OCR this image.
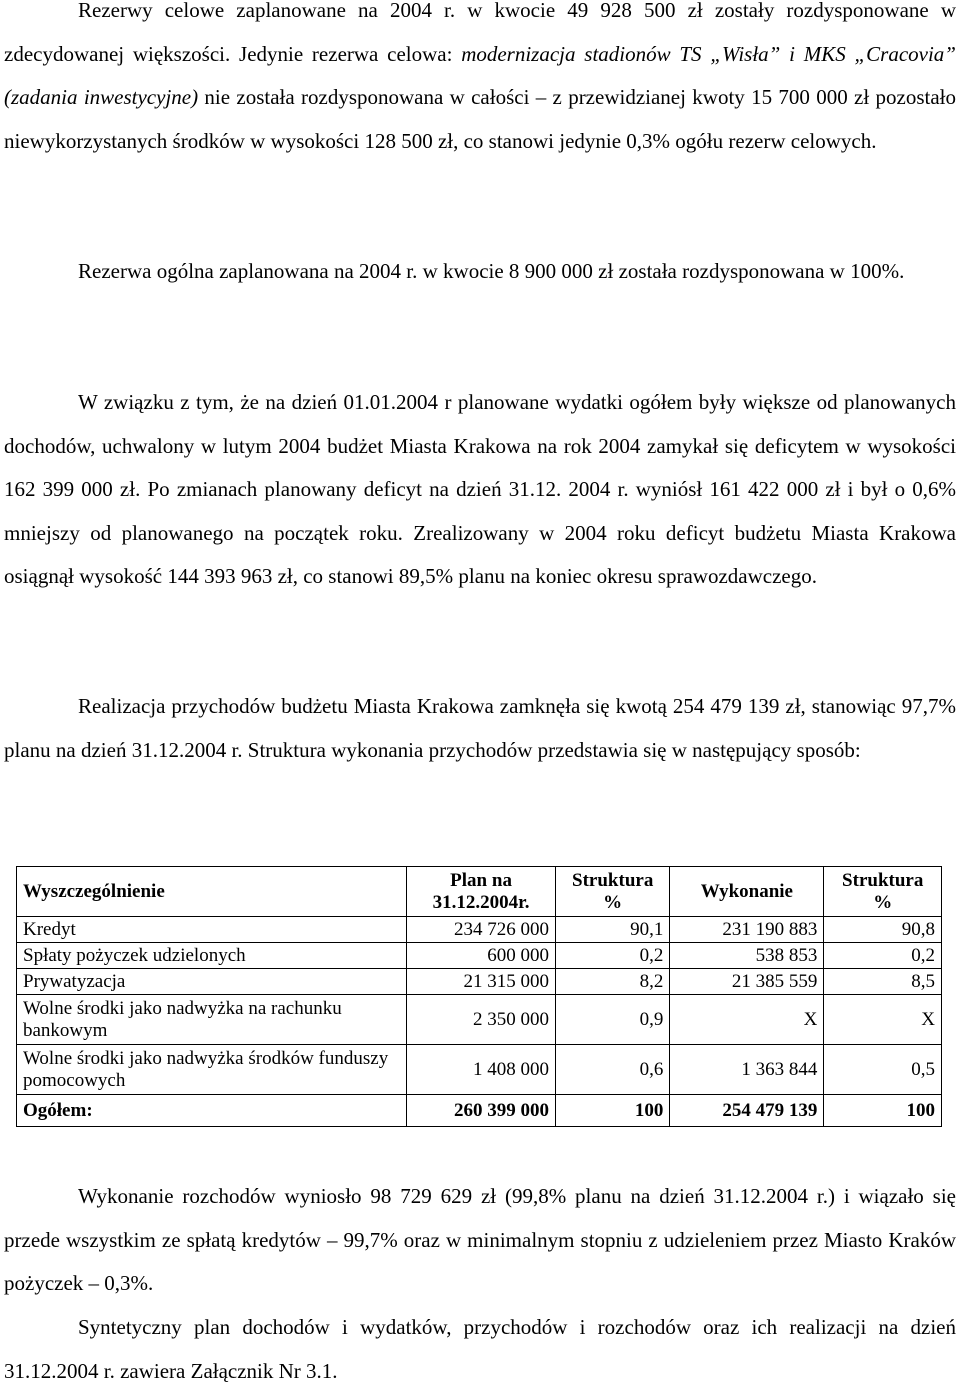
Rezerwy celowe zaplanowane na 2004 r. w kwocie 49 928 500 zł zostały rozdysponowane w zdecydowanej większości. Jedynie rezerwa celowa: modernizacja stadionów TS „Wisła” i MKS „Cracovia” (zadania inwestycyjne) nie została rozdysponowana w całości – z przewidzianej kwoty 15 700 000 zł pozostało niewykorzystanych środków w wysokości 128 500 zł, co stanowi jedynie 0,3% ogółu rezerw celowych.

Rezerwa ogólna zaplanowana na 2004 r. w kwocie 8 900 000 zł została rozdysponowana w 100%.

W związku z tym, że na dzień 01.01.2004 r planowane wydatki ogółem były większe od planowanych dochodów, uchwalony w lutym 2004 budżet Miasta Krakowa na rok 2004 zamykał się deficytem w wysokości 162 399 000 zł. Po zmianach planowany deficyt na dzień 31.12. 2004 r. wyniósł 161 422 000 zł i był o 0,6% mniejszy od planowanego na początek roku. Zrealizowany w 2004 roku deficyt budżetu Miasta Krakowa osiągnął wysokość 144 393 963 zł, co stanowi 89,5% planu na koniec okresu sprawozdawczego.

Realizacja przychodów budżetu Miasta Krakowa zamknęła się kwotą 254 479 139 zł, stanowiąc 97,7% planu na dzień 31.12.2004 r. Struktura wykonania przychodów przedstawia się w następujący sposób:

Wyszczególnienie	Plan na 31.12.2004r.	Struktura %	Wykonanie	Struktura %
Kredyt	234 726 000	90,1	231 190 883	90,8
Spłaty pożyczek udzielonych	600 000	0,2	538 853	0,2
Prywatyzacja	21 315 000	8,2	21 385 559	8,5
Wolne środki jako nadwyżka na rachunku bankowym	2 350 000	0,9	X	X
Wolne środki jako nadwyżka środków funduszy pomocowych	1 408 000	0,6	1 363 844	0,5
Ogółem:	260 399 000	100	254 479 139	100

Wykonanie rozchodów wyniosło 98 729 629 zł (99,8% planu na dzień 31.12.2004 r.) i wiązało się przede wszystkim ze spłatą kredytów – 99,7% oraz w minimalnym stopniu z udzieleniem przez Miasto Kraków pożyczek – 0,3%.

Syntetyczny plan dochodów i wydatków, przychodów i rozchodów oraz ich realizacji na dzień 31.12.2004 r. zawiera Załącznik Nr 3.1.
